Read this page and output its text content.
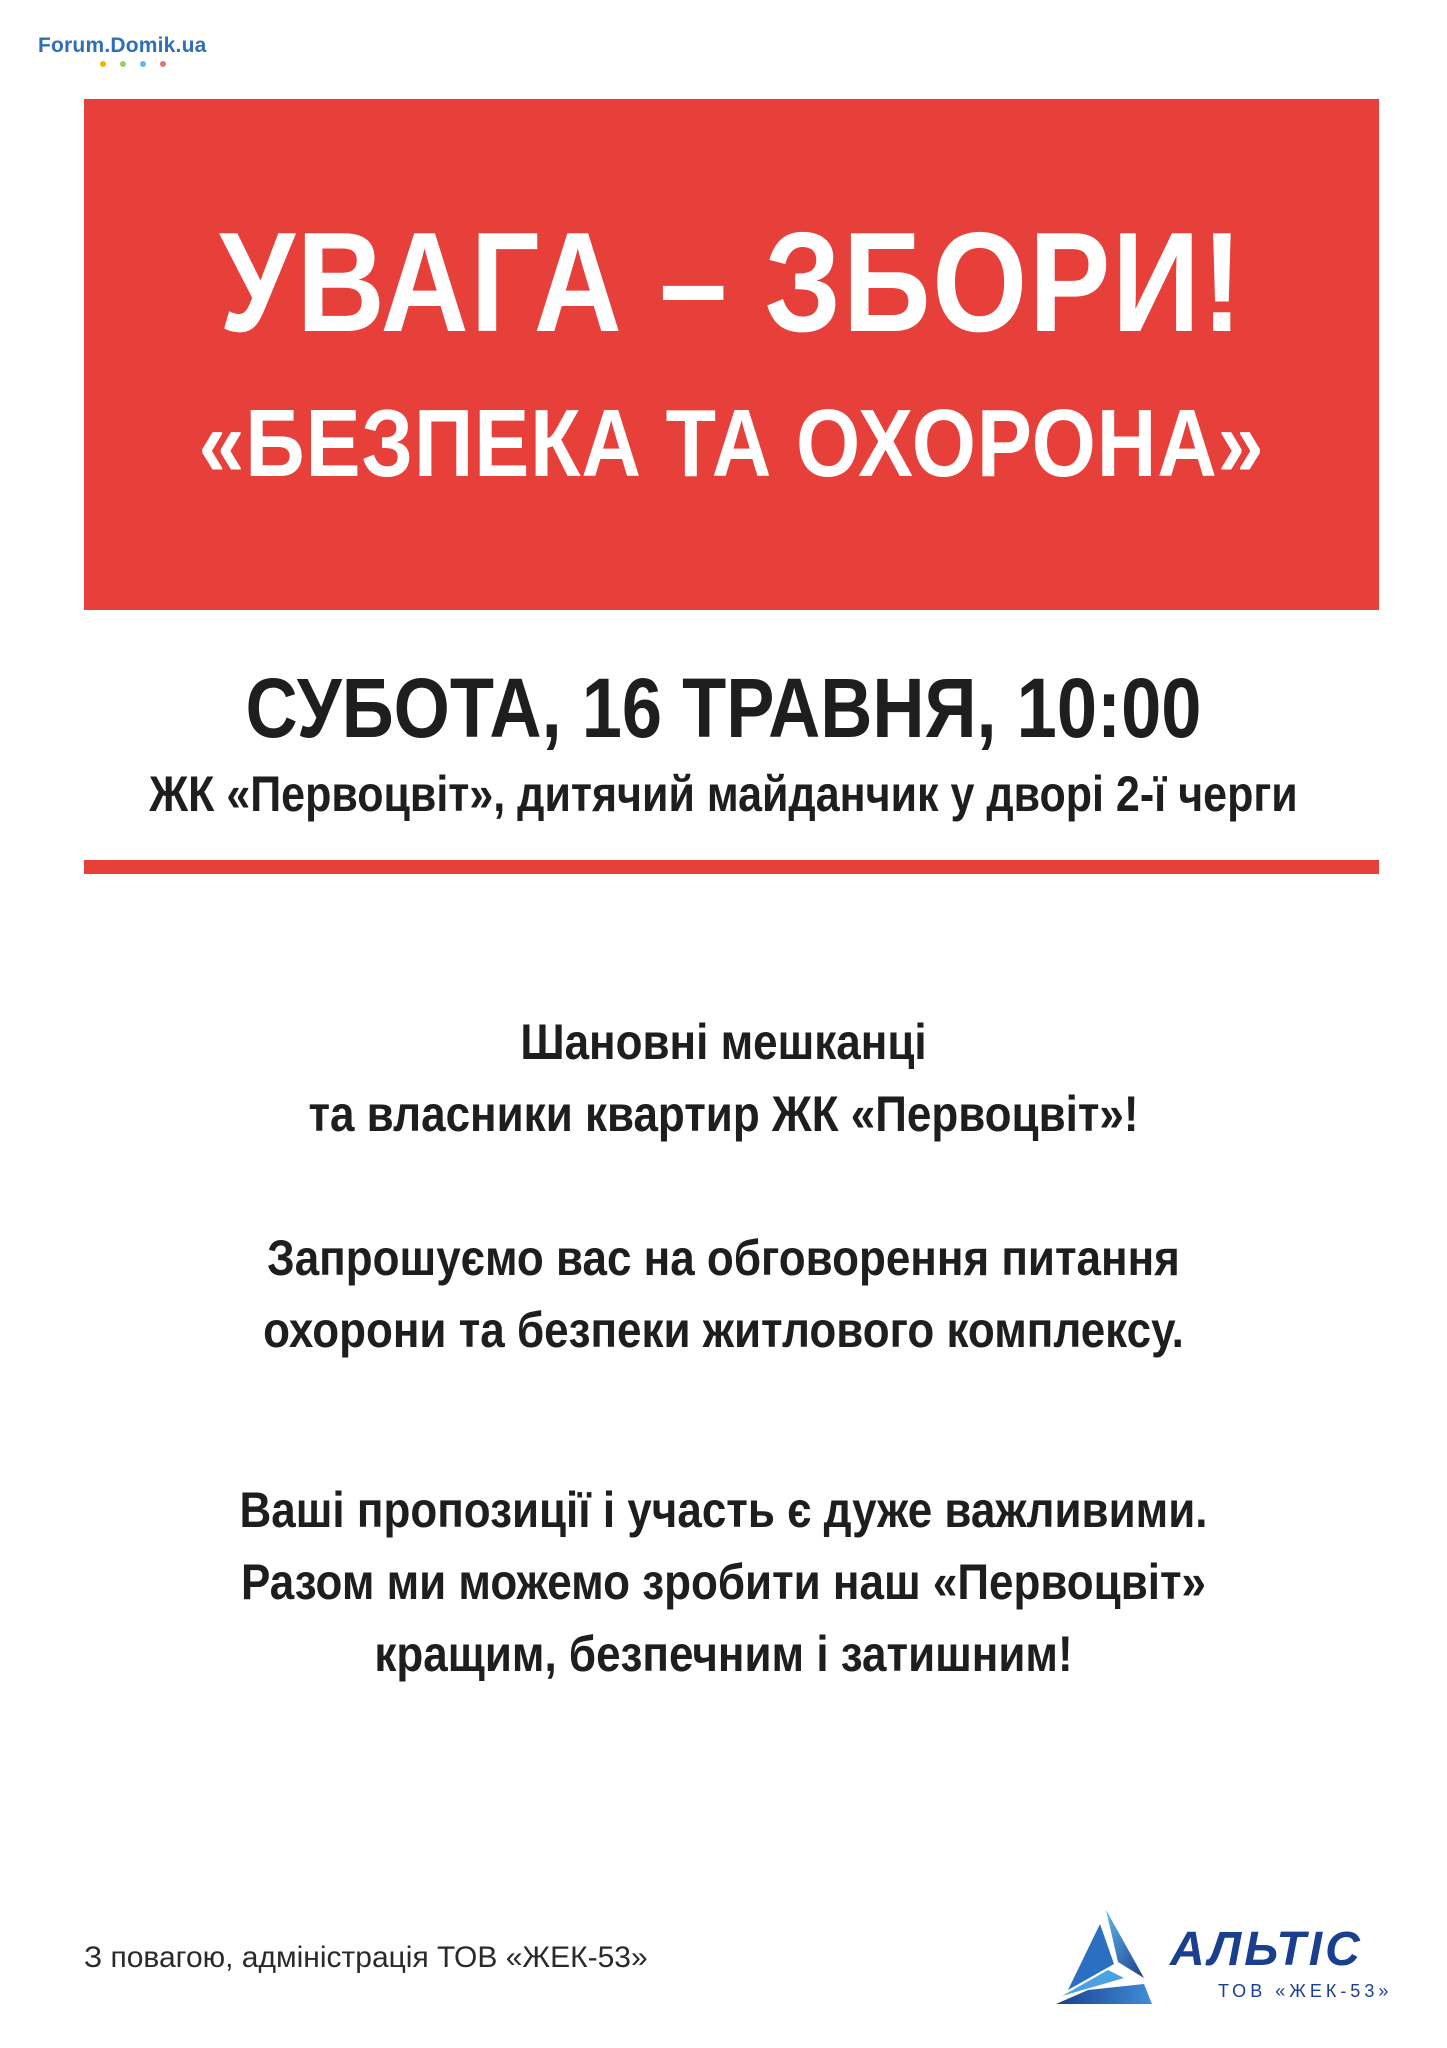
Forum.Domik.ua
УВАГА – ЗБОРИ!
«БЕЗПЕКА ТА ОХОРОНА»
СУБОТА, 16 ТРАВНЯ, 10:00
ЖК «Первоцвіт», дитячий майданчик у дворі 2-ї черги

Шановні мешканці

та власники квартир ЖК «Первоцвіт»!

Запрошуємо вас на обговорення питання

охорони та безпеки житлового комплексу.

Ваші пропозиції і участь є дуже важливими.

Разом ми можемо зробити наш «Первоцвіт»

кращим, безпечним і затишним!

З повагою, адміністрація ТОВ «ЖЕК-53»	АЛЬТІС
ТОВ «ЖЕК-53»
